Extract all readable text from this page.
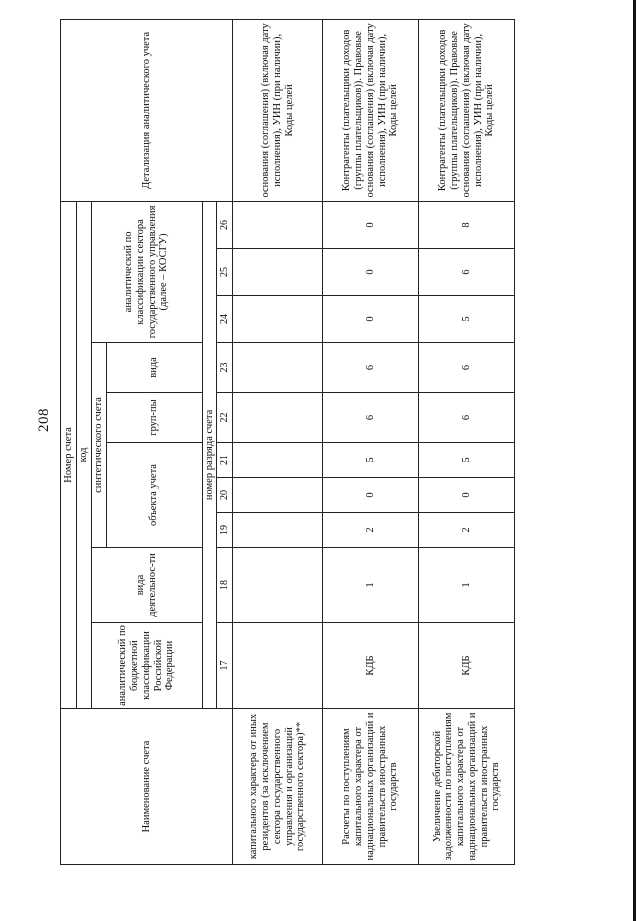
208
Наименование счета	Номер счета										Детализация аналитического учета
	код										
	аналитический по бюджетной классификации Российской Федерации	вида деятельнос-ти	синтетического счета					аналитический по классификации сектора государственного управления (далее – КОСГУ)			
			объекта учета			груп-пы	вида				
	номер разряда счета										
	17	18	19	20	21	22	23	24	25	26	
капитального характера от иных резидентов (за исключением сектора государственного управления и организаций государственного сектора)**											основания (соглашения) (включая дату исполнения), УИН (при наличии), Коды целей
Расчеты по поступлениям капитального характера от наднациональных организаций и правительств иностранных государств	КДБ	1	2	0	5	6	6	0	0	0	Контрагенты (плательщики доходов (группы плательщиков)). Правовые основания (соглашения) (включая дату исполнения), УИН (при наличии), Коды целей
Увеличение дебиторской задолженности по поступлениям капитального характера от наднациональных организаций и правительств иностранных государств	КДБ	1	2	0	5	6	6	5	6	8	Контрагенты (плательщики доходов (группы плательщиков)). Правовые основания (соглашения) (включая дату исполнения), УИН (при наличии), Коды целей
